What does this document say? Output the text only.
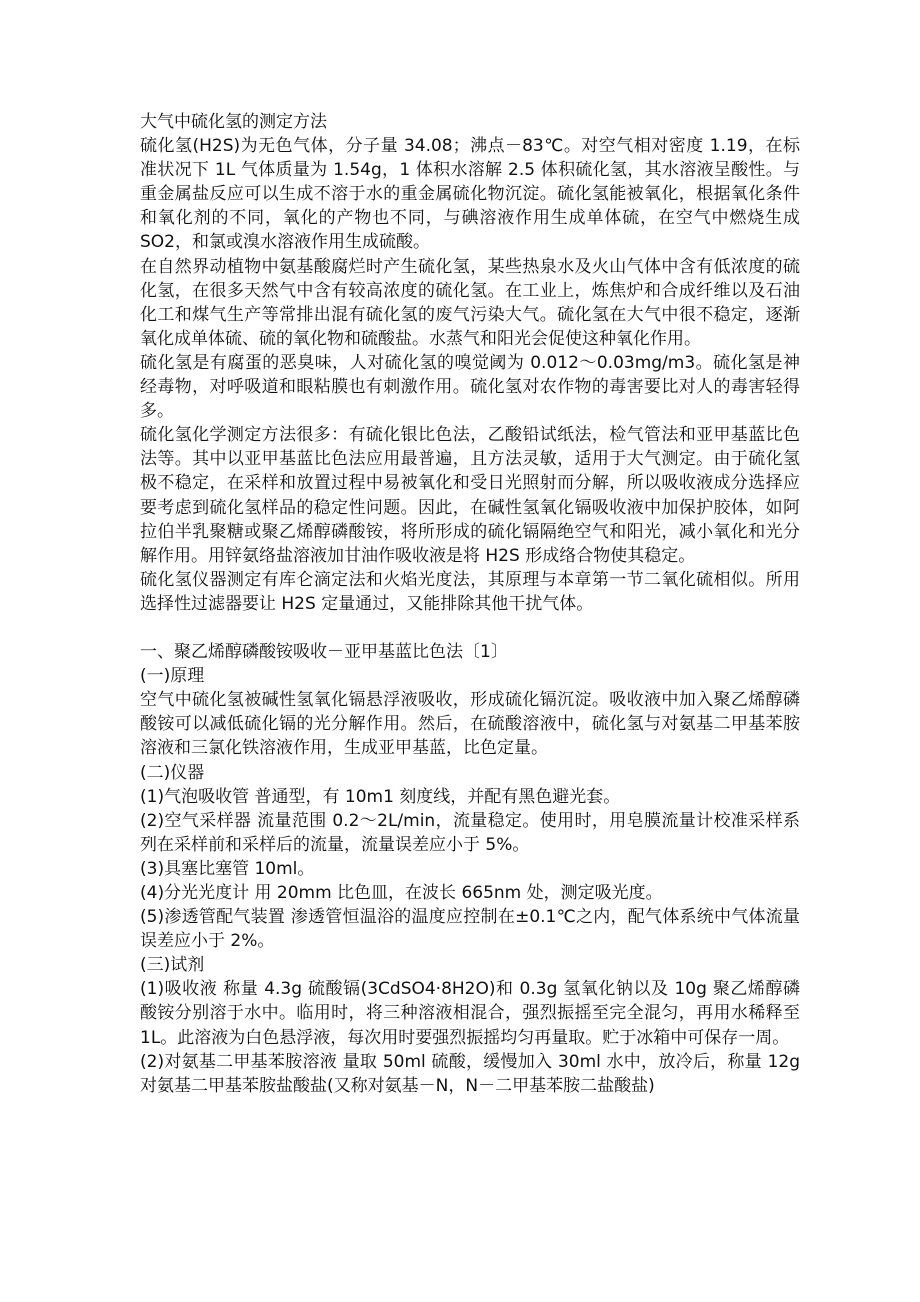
大气中硫化氢的测定方法

硫化氢(H2S)为无色气体，分子量 34.08；沸点－83℃。对空气相对密度 1.19，在标准状况下 1L 气体质量为 1.54g，1 体积水溶解 2.5 体积硫化氢，其水溶液呈酸性。与重金属盐反应可以生成不溶于水的重金属硫化物沉淀。硫化氢能被氧化，根据氧化条件和氧化剂的不同，氧化的产物也不同，与碘溶液作用生成单体硫，在空气中燃烧生成 SO2，和氯或溴水溶液作用生成硫酸。

在自然界动植物中氨基酸腐烂时产生硫化氢，某些热泉水及火山气体中含有低浓度的硫化氢，在很多天然气中含有较高浓度的硫化氢。在工业上，炼焦炉和合成纤维以及石油化工和煤气生产等常排出混有硫化氢的废气污染大气。硫化氢在大气中很不稳定，逐渐氧化成单体硫、硫的氧化物和硫酸盐。水蒸气和阳光会促使这种氧化作用。

硫化氢是有腐蛋的恶臭味，人对硫化氢的嗅觉阈为 0.012～0.03mg/m3。硫化氢是神经毒物，对呼吸道和眼粘膜也有刺激作用。硫化氢对农作物的毒害要比对人的毒害轻得多。

硫化氢化学测定方法很多：有硫化银比色法，乙酸铅试纸法，检气管法和亚甲基蓝比色法等。其中以亚甲基蓝比色法应用最普遍，且方法灵敏，适用于大气测定。由于硫化氢极不稳定，在采样和放置过程中易被氧化和受日光照射而分解，所以吸收液成分选择应要考虑到硫化氢样品的稳定性问题。因此，在碱性氢氧化镉吸收液中加保护胶体，如阿拉伯半乳聚糖或聚乙烯醇磷酸铵，将所形成的硫化镉隔绝空气和阳光，减小氧化和光分解作用。用锌氨络盐溶液加甘油作吸收液是将 H2S 形成络合物使其稳定。

硫化氢仪器测定有库仑滴定法和火焰光度法，其原理与本章第一节二氧化硫相似。所用选择性过滤器要让 H2S 定量通过，又能排除其他干扰气体。

一、聚乙烯醇磷酸铵吸收－亚甲基蓝比色法〔1〕

(一)原理

空气中硫化氢被碱性氢氧化镉悬浮液吸收，形成硫化镉沉淀。吸收液中加入聚乙烯醇磷酸铵可以减低硫化镉的光分解作用。然后，在硫酸溶液中，硫化氢与对氨基二甲基苯胺溶液和三氯化铁溶液作用，生成亚甲基蓝，比色定量。

(二)仪器

(1)气泡吸收管 普通型，有 10m1 刻度线，并配有黑色避光套。

(2)空气采样器 流量范围 0.2～2L/min，流量稳定。使用时，用皂膜流量计校准采样系列在采样前和采样后的流量，流量误差应小于 5%。

(3)具塞比塞管 10ml。

(4)分光光度计 用 20mm 比色皿，在波长 665nm 处，测定吸光度。

(5)渗透管配气装置 渗透管恒温浴的温度应控制在±0.1℃之内，配气体系统中气体流量误差应小于 2%。

(三)试剂

(1)吸收液 称量 4.3g 硫酸镉(3CdSO4·8H2O)和 0.3g 氢氧化钠以及 10g 聚乙烯醇磷酸铵分别溶于水中。临用时，将三种溶液相混合，强烈振摇至完全混匀，再用水稀释至 1L。此溶液为白色悬浮液，每次用时要强烈振摇均匀再量取。贮于冰箱中可保存一周。

(2)对氨基二甲基苯胺溶液 量取 50ml 硫酸，缓慢加入 30ml 水中，放冷后，称量 12g 对氨基二甲基苯胺盐酸盐(又称对氨基－N，N－二甲基苯胺二盐酸盐)
